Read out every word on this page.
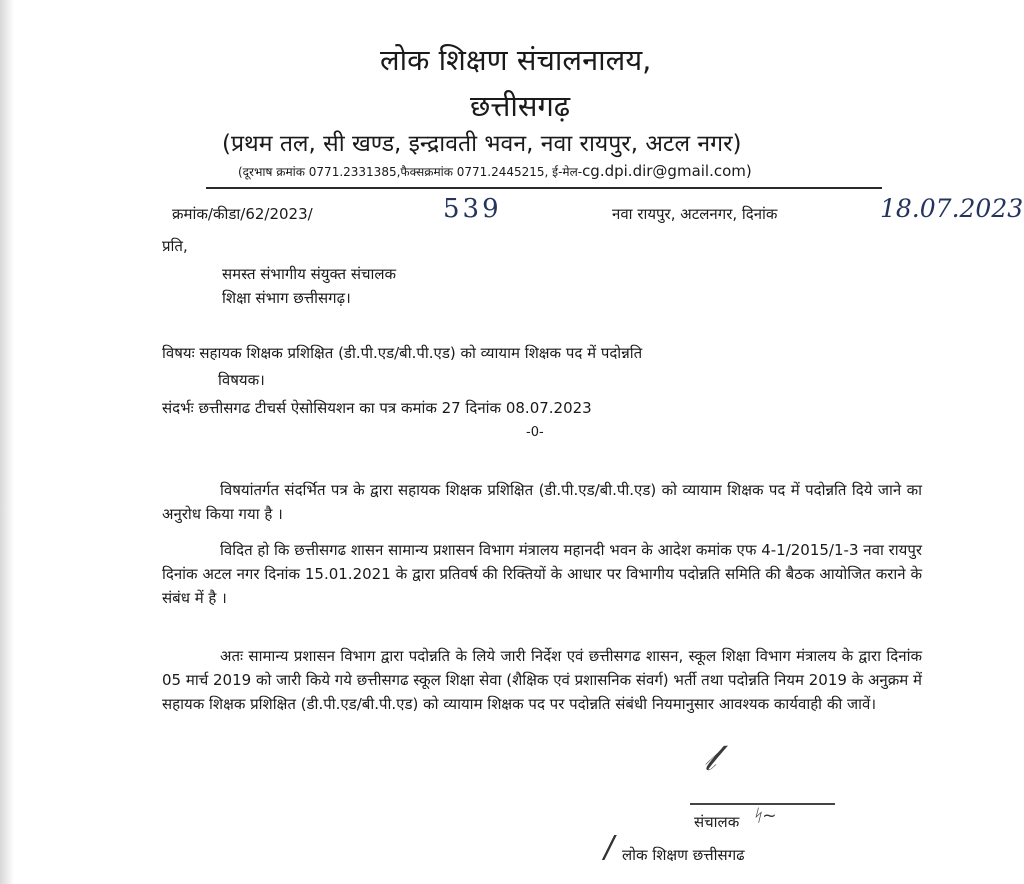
लोक शिक्षण संचालनालय,
छत्तीसगढ़
(प्रथम तल, सी खण्ड, इन्द्रावती भवन, नवा रायपुर, अटल नगर)
(दूरभाष क्रमांक 0771.2331385,फैक्सक्रमांक 0771.2445215, ई-मेल-cg.dpi.dir@gmail.com)
क्रमांक/कीडा/62/2023/	539	नवा रायपुर, अटलनगर, दिनांक	18.07.2023
प्रति,
समस्त संभागीय संयुक्त संचालक
शिक्षा संभाग छत्तीसगढ़।
विषयः सहायक शिक्षक प्रशिक्षित (डी.पी.एड/बी.पी.एड) को व्यायाम शिक्षक पद में पदोन्नति
विषयक।
संदर्भः छत्तीसगढ टीचर्स ऐसोसियशन का पत्र कमांक 27 दिनांक 08.07.2023
-0-
विषयांतर्गत संदर्भित पत्र के द्वारा सहायक शिक्षक प्रशिक्षित (डी.पी.एड/बी.पी.एड) को व्यायाम शिक्षक पद में पदोन्नति दिये जाने का अनुरोध किया गया है ।
विदित हो कि छत्तीसगढ शासन सामान्य प्रशासन विभाग मंत्रालय महानदी भवन के आदेश कमांक एफ 4-1/2015/1-3 नवा रायपुर दिनांक अटल नगर दिनांक 15.01.2021 के द्वारा प्रतिवर्ष की रिक्तियों के आधार पर विभागीय पदोन्नति समिति की बैठक आयोजित कराने के संबंध में है ।
अतः सामान्य प्रशासन विभाग द्वारा पदोन्नति के लिये जारी निर्देश एवं छत्तीसगढ शासन, स्कूल शिक्षा विभाग मंत्रालय के द्वारा दिनांक 05 मार्च 2019 को जारी किये गये छत्तीसगढ स्कूल शिक्षा सेवा (शैक्षिक एवं प्रशासनिक संवर्ग) भर्ती तथा पदोन्नति नियम 2019 के अनुक्रम में सहायक शिक्षक प्रशिक्षित (डी.पी.एड/बी.पी.एड) को व्यायाम शिक्षक पद पर पदोन्नति संबंधी नियमानुसार आवश्यक कार्यवाही की जावें।
𝓁
संचालक ᛋ~
/ लोक शिक्षण छत्तीसगढ
